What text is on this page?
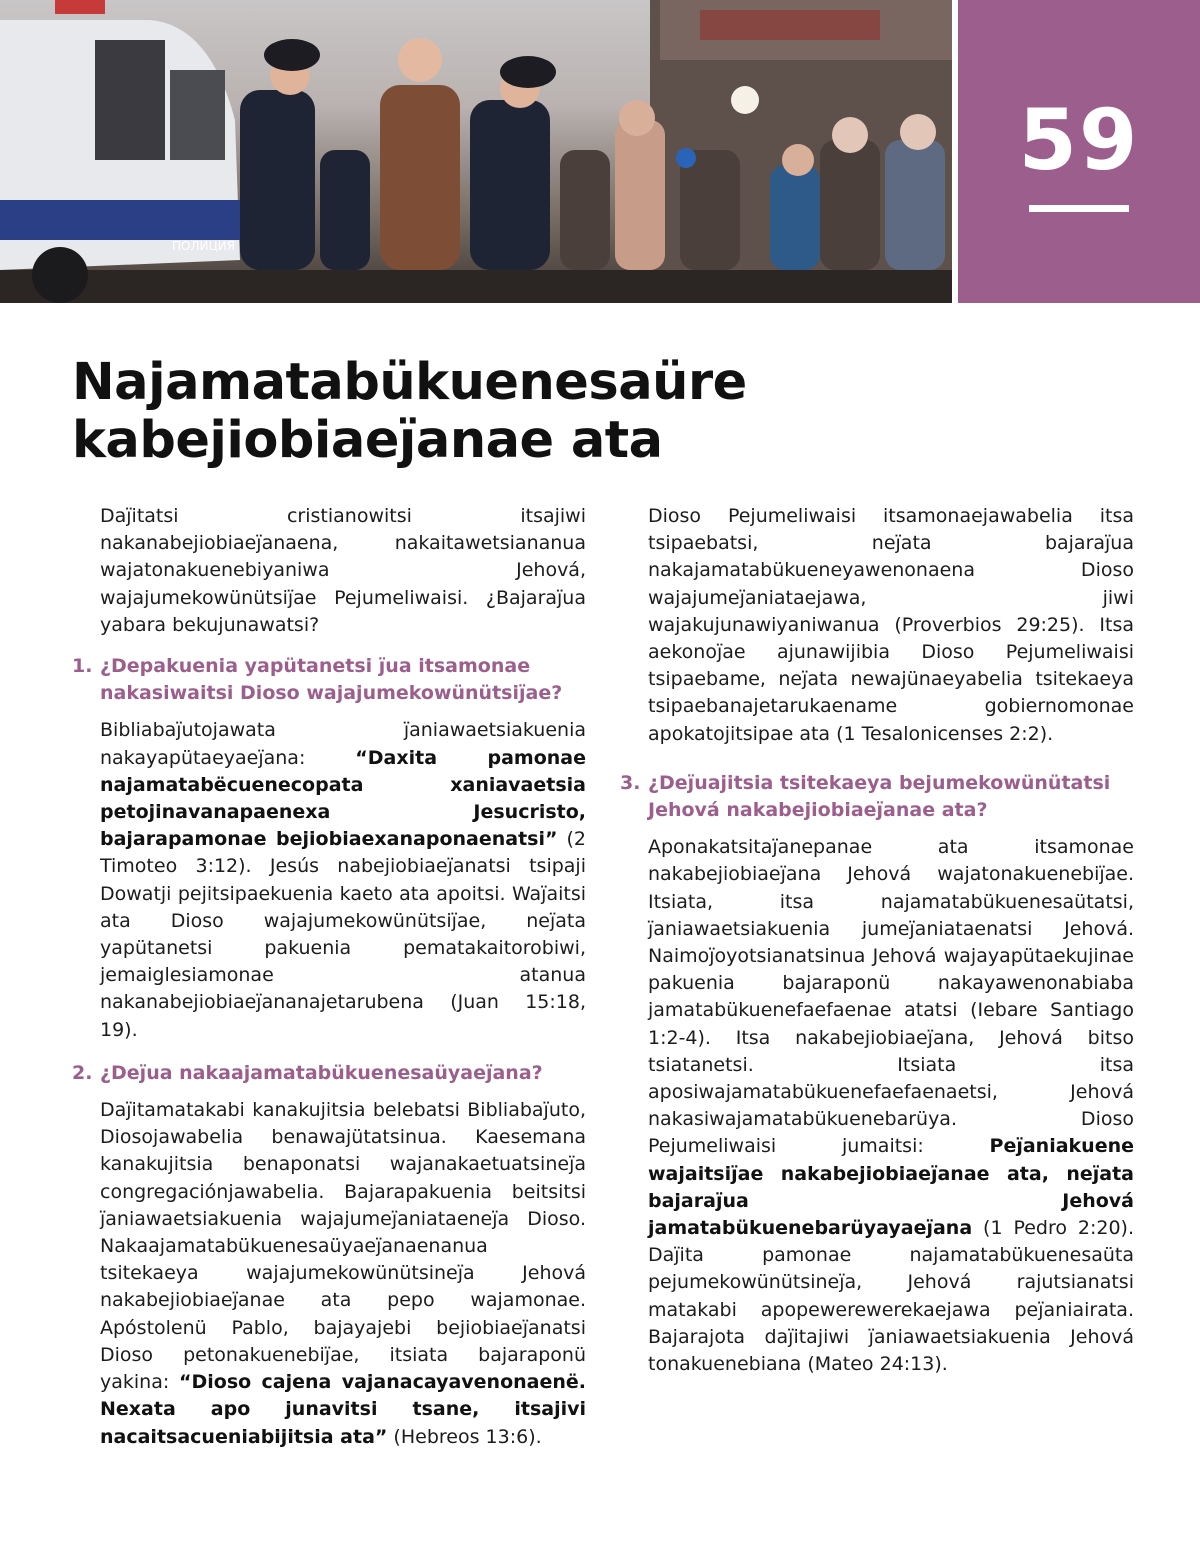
ПОЛИЦИЯ
59
Najamatabükuenesaüre kabejiobiaeȷ̈anae ata

Daȷ̈itatsi cristianowitsi itsajiwi nakanabejiobiaeȷ̈anaena, nakaitawetsiananua wajatonakuenebiyaniwa Jehová, wajajumekowünütsiȷ̈ae Pejumeliwaisi. ¿Bajaraȷ̈ua yabara bekujunawatsi?

1. ¿Depakuenia yapütanetsi ȷ̈ua itsamonae nakasiwaitsi Dioso wajajumekowünütsiȷ̈ae?

Bibliabaȷ̈utojawata ȷ̈aniawaetsiakuenia nakayapütaeyaeȷ̈ana: “Daxita pamonae najamatabëcuenecopata xaniavaetsia petojinavanapaenexa Jesucristo, bajarapamonae bejiobiaexanaponaenatsi” (2 Timoteo 3:12). Jesús nabejiobiaeȷ̈anatsi tsipaji Dowatji pejitsipaekuenia kaeto ata apoitsi. Waȷ̈aitsi ata Dioso wajajumekowünütsiȷ̈ae, neȷ̈ata yapütanetsi pakuenia pematakaitorobiwi, jemaiglesiamonae atanua nakanabejiobiaeȷ̈ananajetarubena (Juan 15:18, 19).

2. ¿Deȷ̈ua nakaajamatabükuenesaüyaeȷ̈ana?

Daȷ̈itamatakabi kanakujitsia belebatsi Bibliabaȷ̈uto, Diosojawabelia benawajütatsinua. Kaesemana kanakujitsia benaponatsi wajanakaetuatsineȷ̈a congregaciónjawabelia. Bajarapakuenia beitsitsi ȷ̈aniawaetsiakuenia wajajumeȷ̈aniataeneȷ̈a Dioso. Nakaajamatabükuenesaüyaeȷ̈anaenanua tsitekaeya wajajumekowünütsineȷ̈a Jehová nakabejiobiaeȷ̈anae ata pepo wajamonae. Apóstolenü Pablo, bajayajebi bejiobiaeȷ̈anatsi Dioso petonakuenebiȷ̈ae, itsiata bajaraponü yakina: “Dioso cajena vajanacayavenonaenë. Nexata apo junavitsi tsane, itsajivi nacaitsacueniabijitsia ata” (Hebreos 13:6).

Dioso Pejumeliwaisi itsamonaejawabelia itsa tsipaebatsi, neȷ̈ata bajaraȷ̈ua nakajamatabükueneyawenonaena Dioso wajajumeȷ̈aniataejawa, jiwi wajakujunawiyaniwanua (Proverbios 29:25). Itsa aekonoȷ̈ae ajunawijibia Dioso Pejumeliwaisi tsipaebame, neȷ̈ata newajünaeyabelia tsitekaeya tsipaebanajetarukaename gobiernomonae apokatojitsipae ata (1 Tesalonicenses 2:2).

3. ¿Deȷ̈uajitsia tsitekaeya bejumekowünütatsi Jehová nakabejiobiaeȷ̈anae ata?

Aponakatsitaȷ̈anepanae ata itsamonae nakabejiobiaeȷ̈ana Jehová wajatonakuenebiȷ̈ae. Itsiata, itsa najamatabükuenesaütatsi, ȷ̈aniawaetsiakuenia jumeȷ̈aniataenatsi Jehová. Naimoȷ̈oyotsianatsinua Jehová wajayapütaekujinae pakuenia bajaraponü nakayawenonabiaba jamatabükuenefaefaenae atatsi (Iebare Santiago 1:2-4). Itsa nakabejiobiaeȷ̈ana, Jehová bitso tsiatanetsi. Itsiata itsa aposiwajamatabükuenefaefaenaetsi, Jehová nakasiwajamatabükuenebarüya. Dioso Pejumeliwaisi jumaitsi: Peȷ̈aniakuene wajaitsiȷ̈ae nakabejiobiaeȷ̈anae ata, neȷ̈ata bajaraȷ̈ua Jehová jamatabükuenebarüyayaeȷ̈ana (1 Pedro 2:20). Daȷ̈ita pamonae najamatabükuenesaüta pejumekowünütsineȷ̈a, Jehová rajutsianatsi matakabi apopewerewerekaejawa peȷ̈aniairata. Bajarajota daȷ̈itajiwi ȷ̈aniawaetsiakuenia Jehová tonakuenebiana (Mateo 24:13).
